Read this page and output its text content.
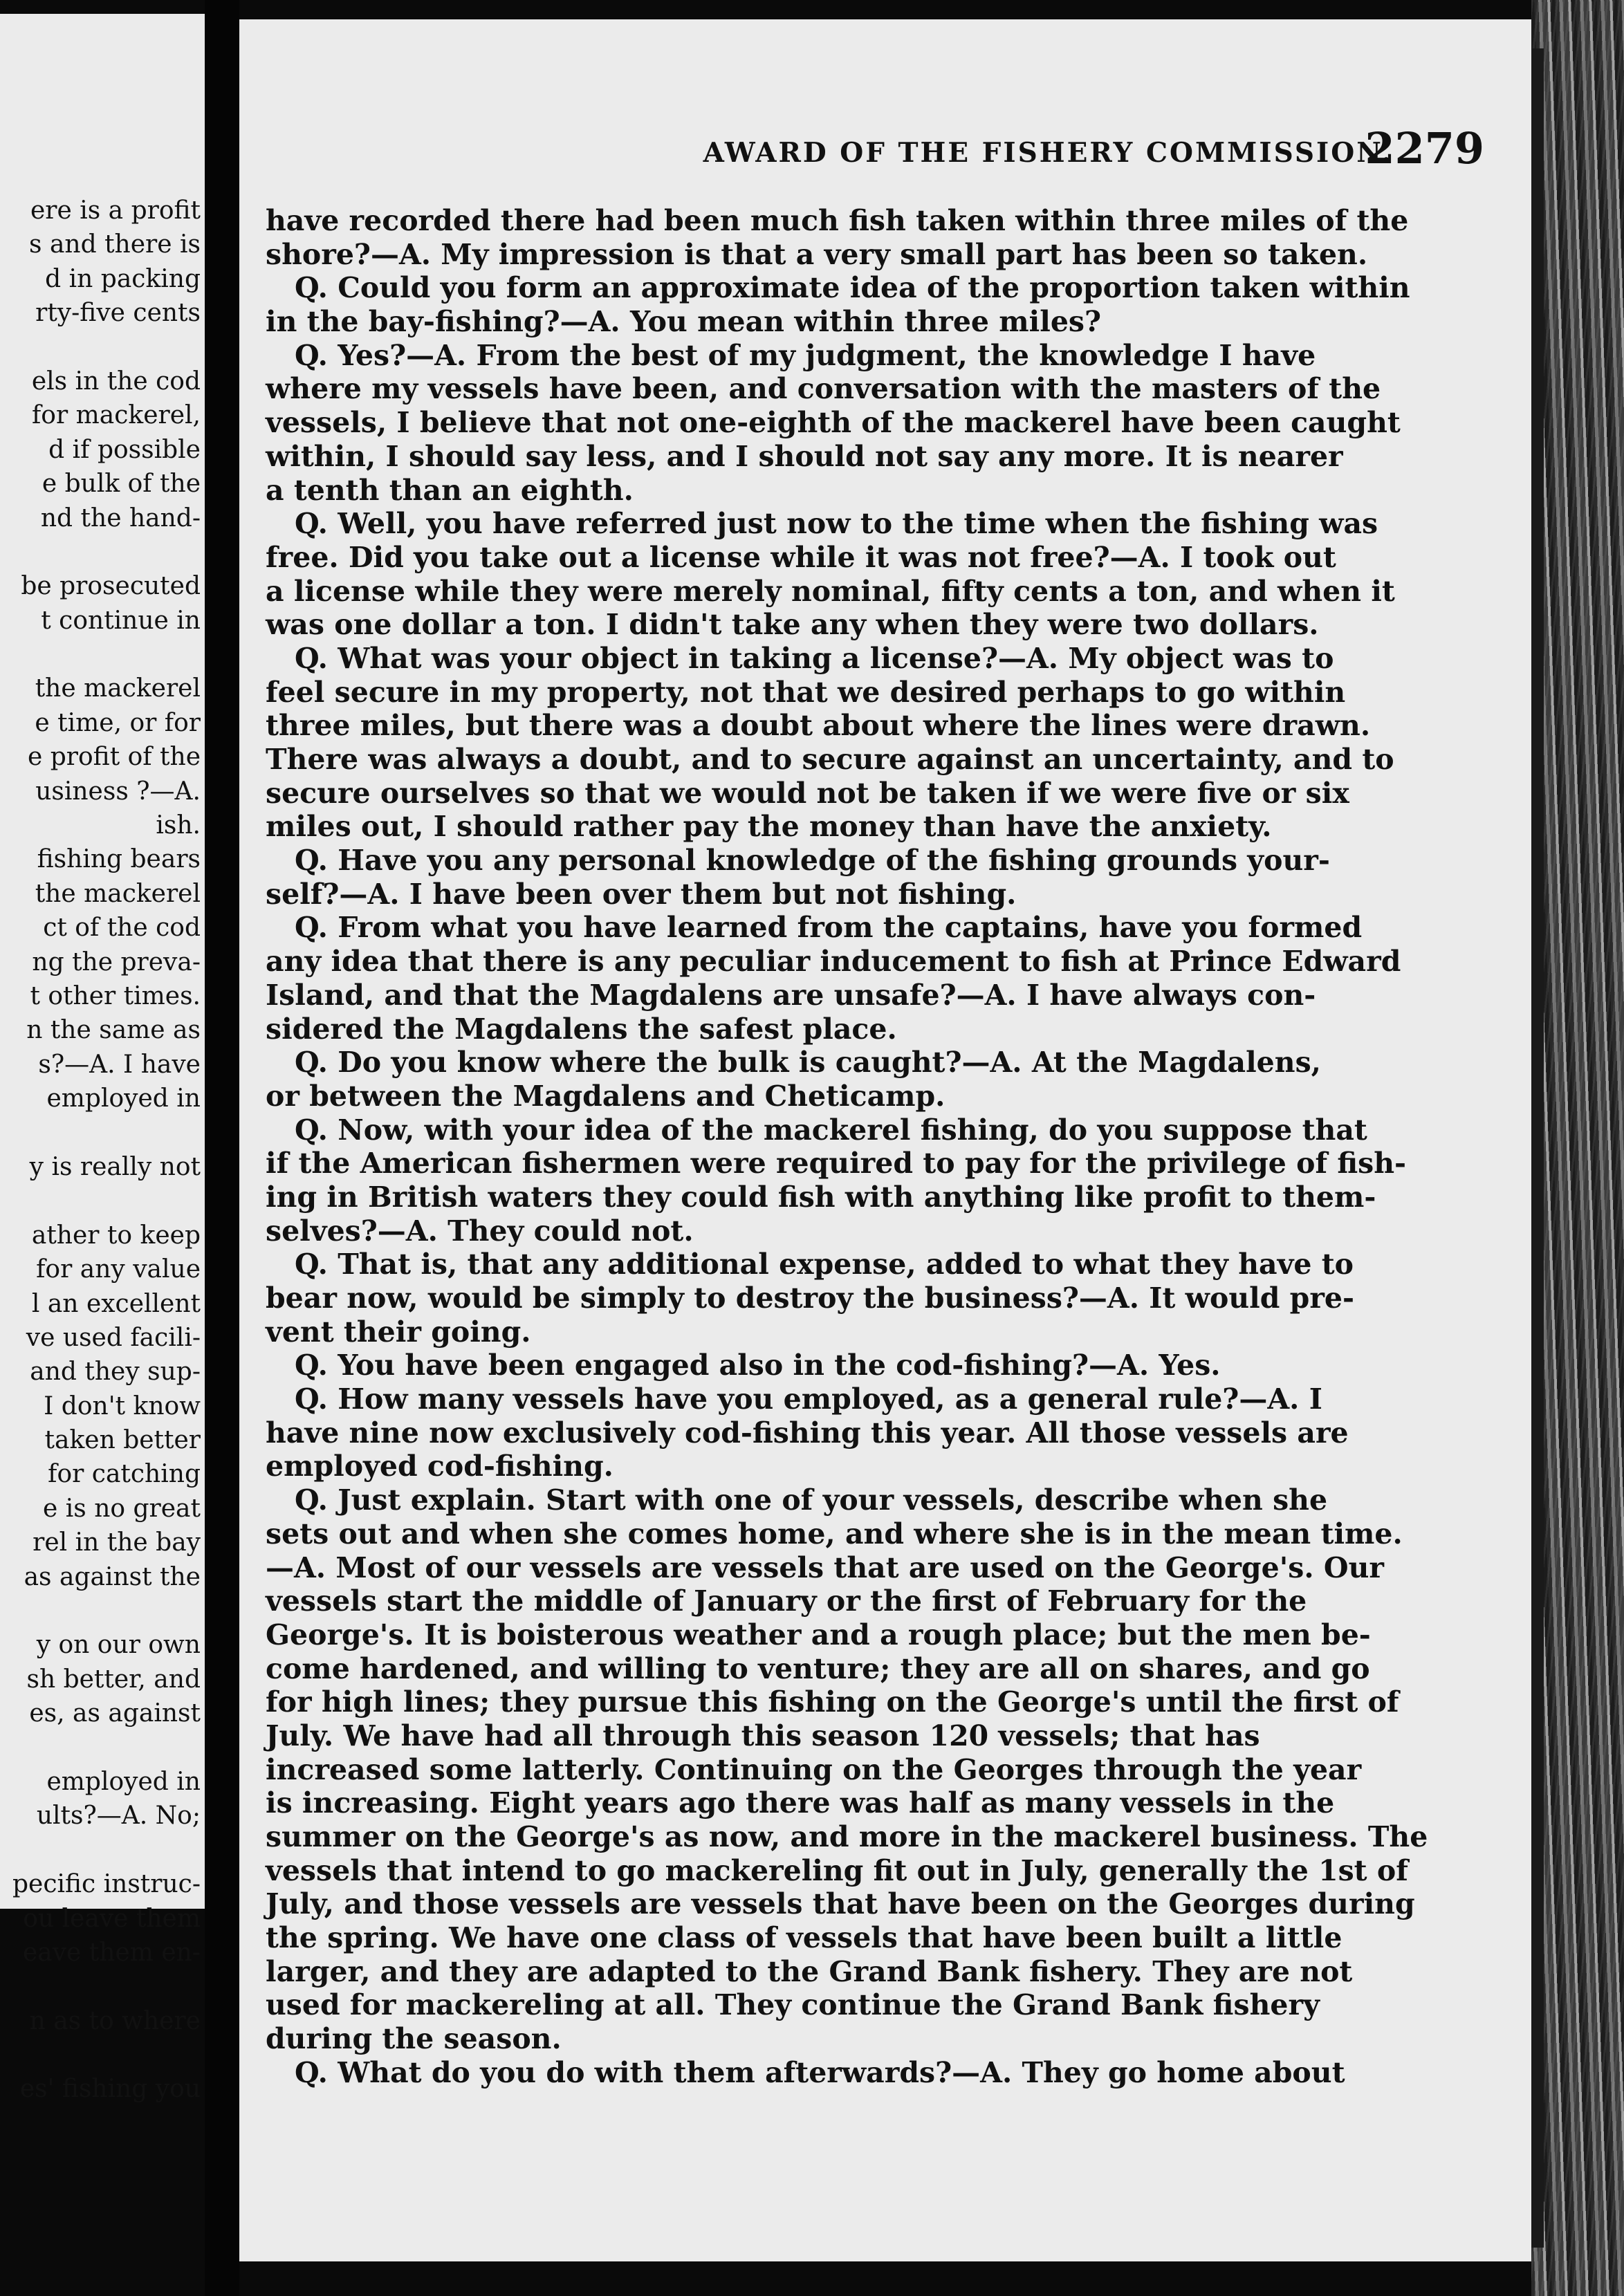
ere is a profit
s and there is
d in packing
rty-five cents
els in the cod
for mackerel,
d if possible
e bulk of the
nd the hand-
be prosecuted
t continue in
the mackerel
e time, or for
e profit of the
usiness ?—A.
ish.
fishing bears
the mackerel
ct of the cod
ng the preva-
t other times.
n the same as
s?—A. I have
employed in
y is really not
ather to keep
for any value
l an excellent
ve used facili-
and they sup-
I don't know
taken better
for catching
e is no great
rel in the bay
as against the
y on our own
sh better, and
es, as against
employed in
ults?—A. No;
pecific instruc-
ou leave them
eave them en-
n as to where
es' fishing you
AWARD OF THE FISHERY COMMISSION.
2279
have recorded there had been much fish taken within three miles of the
shore?—A. My impression is that a very small part has been so taken.
Q. Could you form an approximate idea of the proportion taken within
in the bay-fishing?—A. You mean within three miles?
Q. Yes?—A. From the best of my judgment, the knowledge I have
where my vessels have been, and conversation with the masters of the
vessels, I believe that not one-eighth of the mackerel have been caught
within, I should say less, and I should not say any more. It is nearer
a tenth than an eighth.
Q. Well, you have referred just now to the time when the fishing was
free. Did you take out a license while it was not free?—A. I took out
a license while they were merely nominal, fifty cents a ton, and when it
was one dollar a ton. I didn't take any when they were two dollars.
Q. What was your object in taking a license?—A. My object was to
feel secure in my property, not that we desired perhaps to go within
three miles, but there was a doubt about where the lines were drawn.
There was always a doubt, and to secure against an uncertainty, and to
secure ourselves so that we would not be taken if we were five or six
miles out, I should rather pay the money than have the anxiety.
Q. Have you any personal knowledge of the fishing grounds your-
self?—A. I have been over them but not fishing.
Q. From what you have learned from the captains, have you formed
any idea that there is any peculiar inducement to fish at Prince Edward
Island, and that the Magdalens are unsafe?—A. I have always con-
sidered the Magdalens the safest place.
Q. Do you know where the bulk is caught?—A. At the Magdalens,
or between the Magdalens and Cheticamp.
Q. Now, with your idea of the mackerel fishing, do you suppose that
if the American fishermen were required to pay for the privilege of fish-
ing in British waters they could fish with anything like profit to them-
selves?—A. They could not.
Q. That is, that any additional expense, added to what they have to
bear now, would be simply to destroy the business?—A. It would pre-
vent their going.
Q. You have been engaged also in the cod-fishing?—A. Yes.
Q. How many vessels have you employed, as a general rule?—A. I
have nine now exclusively cod-fishing this year. All those vessels are
employed cod-fishing.
Q. Just explain. Start with one of your vessels, describe when she
sets out and when she comes home, and where she is in the mean time.
—A. Most of our vessels are vessels that are used on the George's. Our
vessels start the middle of January or the first of February for the
George's. It is boisterous weather and a rough place; but the men be-
come hardened, and willing to venture; they are all on shares, and go
for high lines; they pursue this fishing on the George's until the first of
July. We have had all through this season 120 vessels; that has
increased some latterly. Continuing on the Georges through the year
is increasing. Eight years ago there was half as many vessels in the
summer on the George's as now, and more in the mackerel business. The
vessels that intend to go mackereling fit out in July, generally the 1st of
July, and those vessels are vessels that have been on the Georges during
the spring. We have one class of vessels that have been built a little
larger, and they are adapted to the Grand Bank fishery. They are not
used for mackereling at all. They continue the Grand Bank fishery
during the season.
Q. What do you do with them afterwards?—A. They go home about
